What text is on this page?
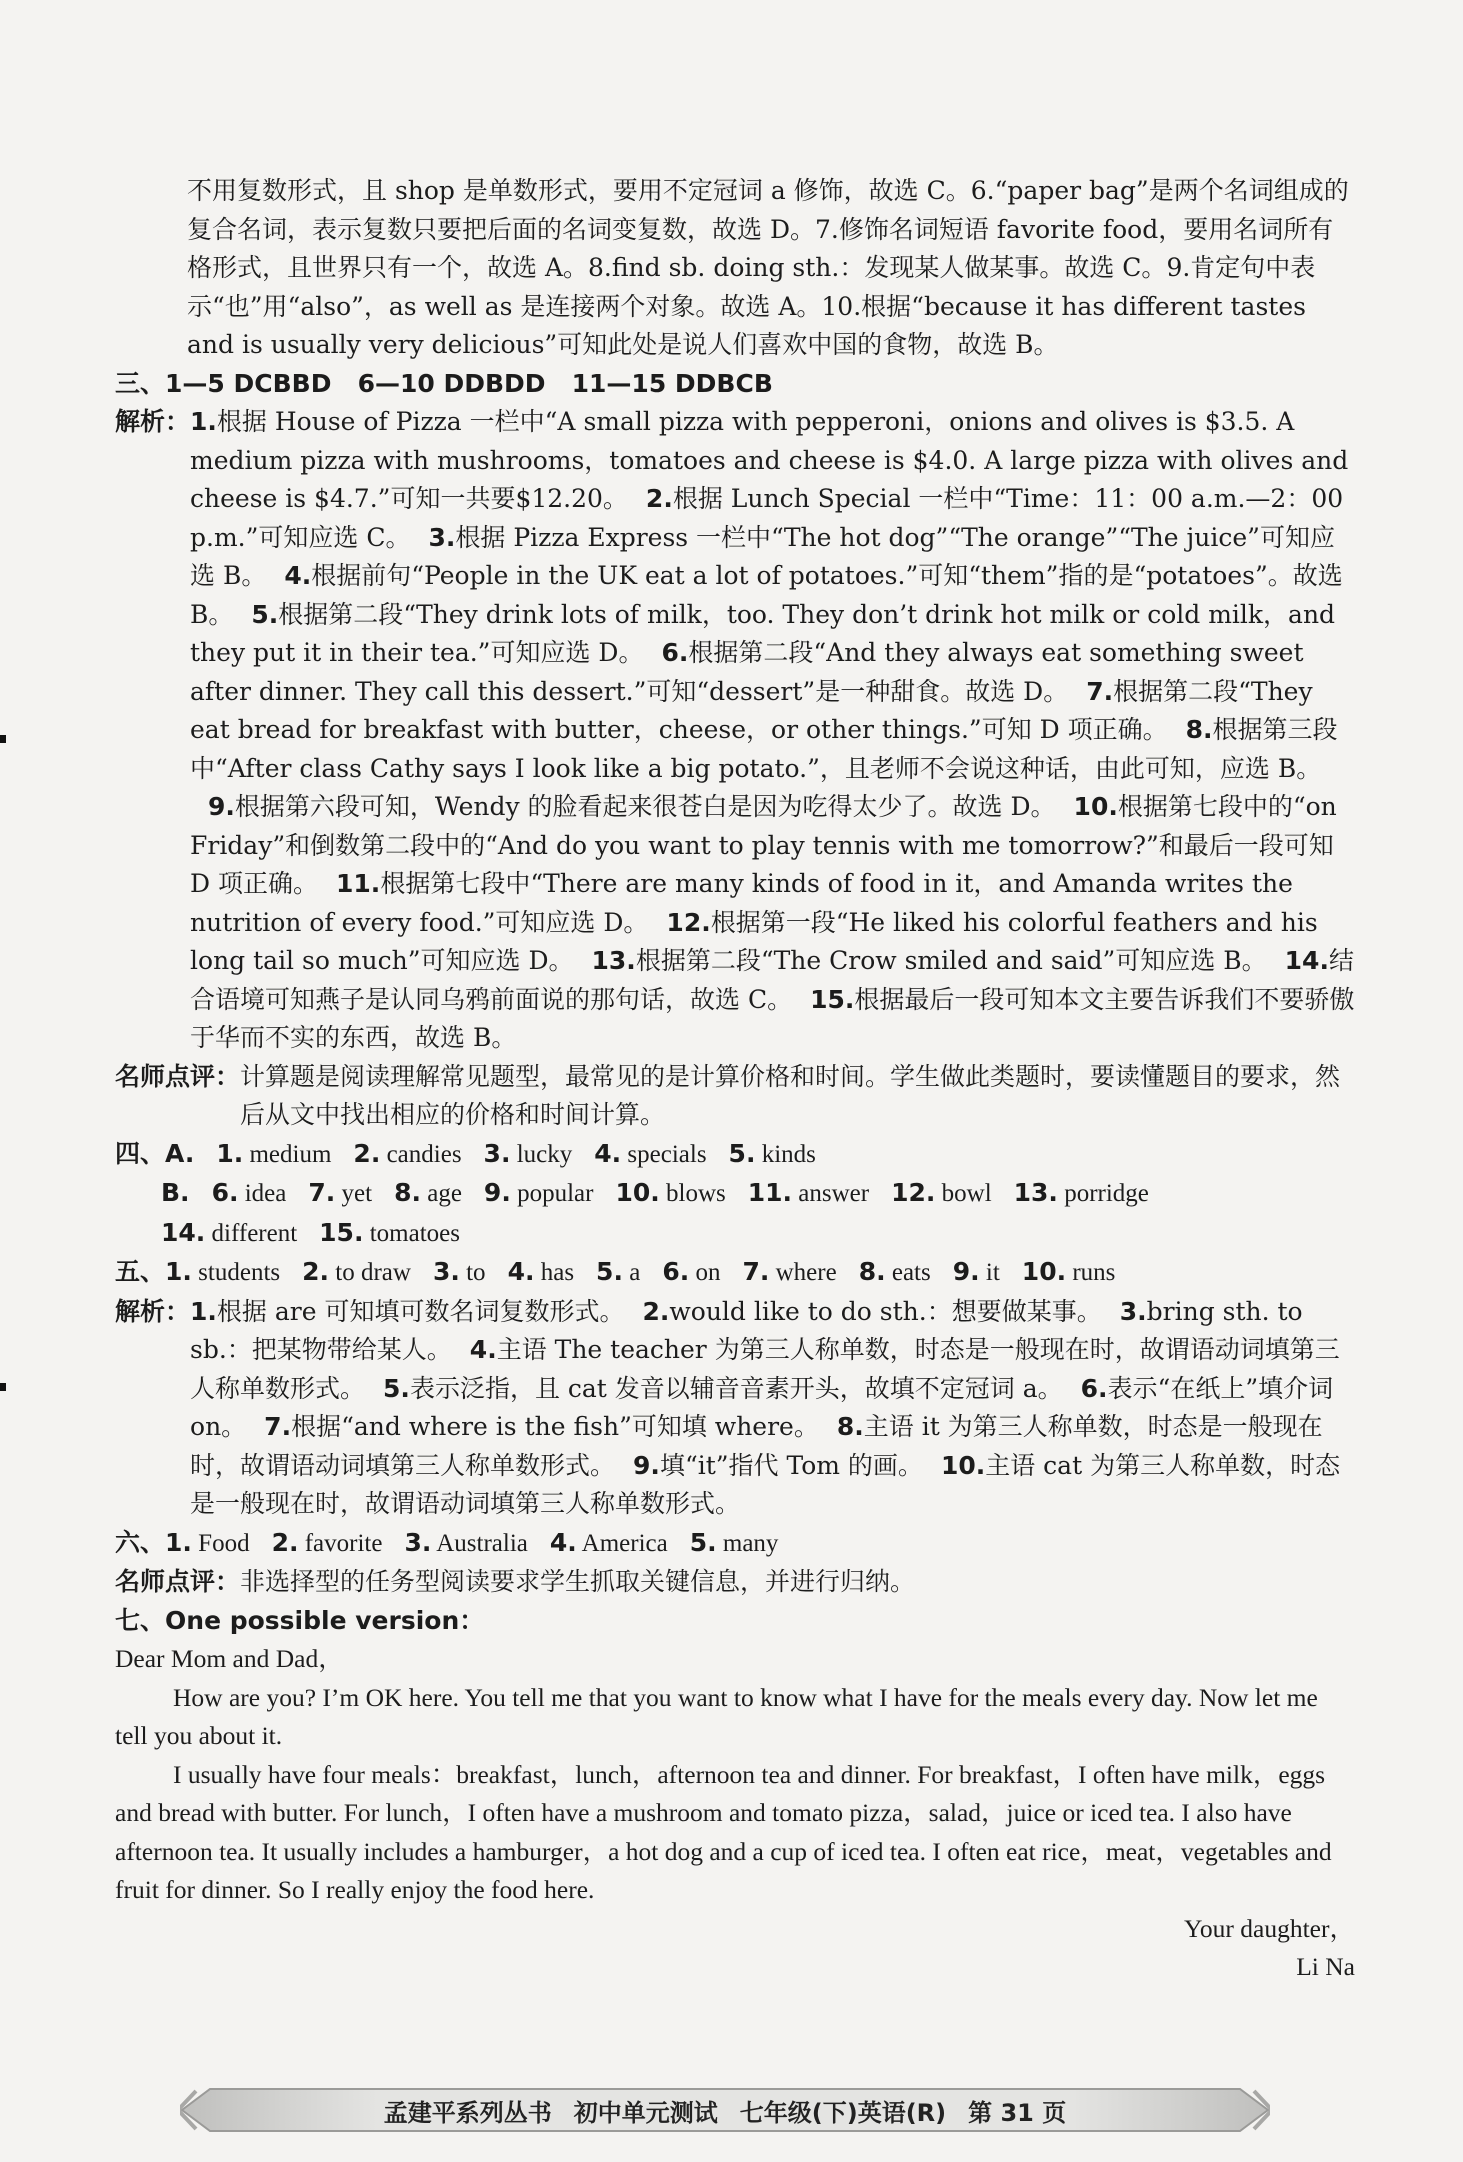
不用复数形式，且 shop 是单数形式，要用不定冠词 a 修饰，故选 C。6.“paper bag”是两个名词组成的复合名词，表示复数只要把后面的名词变复数，故选 D。7.修饰名词短语 favorite food，要用名词所有格形式，且世界只有一个，故选 A。8.find sb. doing sth.：发现某人做某事。故选 C。9.肯定句中表示“也”用“also”，as well as 是连接两个对象。故选 A。10.根据“because it has different tastes and is usually very delicious”可知此处是说人们喜欢中国的食物，故选 B。

三、 1—5 DCBBD   6—10 DDBDD   11—15 DDBCB
解析： 1.根据 House of Pizza 一栏中“A small pizza with pepperoni，onions and olives is $3.5. A medium pizza with mushrooms，tomatoes and cheese is $4.0. A large pizza with olives and cheese is $4.7.”可知一共要$12.20。 2.根据 Lunch Special 一栏中“Time：11：00 a.m.—2：00 p.m.”可知应选 C。 3.根据 Pizza Express 一栏中“The hot dog”“The orange”“The juice”可知应选 B。 4.根据前句“People in the UK eat a lot of potatoes.”可知“them”指的是“potatoes”。故选 B。 5.根据第二段“They drink lots of milk，too. They don’t drink hot milk or cold milk，and they put it in their tea.”可知应选 D。 6.根据第二段“And they always eat something sweet after dinner. They call this dessert.”可知“dessert”是一种甜食。故选 D。 7.根据第二段“They eat bread for breakfast with butter，cheese，or other things.”可知 D 项正确。 8.根据第三段中“After class Cathy says I look like a big potato.”，且老师不会说这种话，由此可知，应选 B。9.根据第六段可知，Wendy 的脸看起来很苍白是因为吃得太少了。故选 D。 10.根据第七段中的“on Friday”和倒数第二段中的“And do you want to play tennis with me tomorrow?”和最后一段可知 D 项正确。 11.根据第七段中“There are many kinds of food in it，and Amanda writes the nutrition of every food.”可知应选 D。 12.根据第一段“He liked his colorful feathers and his long tail so much”可知应选 D。 13.根据第二段“The Crow smiled and said”可知应选 B。 14.结合语境可知燕子是认同乌鸦前面说的那句话，故选 C。 15.根据最后一段可知本文主要告诉我们不要骄傲于华而不实的东西，故选 B。
名师点评： 计算题是阅读理解常见题型，最常见的是计算价格和时间。学生做此类题时，要读懂题目的要求，然后从文中找出相应的价格和时间计算。
四、 A. 1. medium 2. candies 3. lucky 4. specials 5. kinds
B. 6. idea 7. yet 8. age 9. popular 10. blows 11. answer 12. bowl 13. porridge
14. different 15. tomatoes
五、 1. students 2. to draw 3. to 4. has 5. a 6. on 7. where 8. eats 9. it 10. runs
解析： 1.根据 are 可知填可数名词复数形式。 2.would like to do sth.：想要做某事。 3.bring sth. to sb.：把某物带给某人。 4.主语 The teacher 为第三人称单数，时态是一般现在时，故谓语动词填第三人称单数形式。 5.表示泛指，且 cat 发音以辅音音素开头，故填不定冠词 a。 6.表示“在纸上”填介词 on。 7.根据“and where is the fish”可知填 where。 8.主语 it 为第三人称单数，时态是一般现在时，故谓语动词填第三人称单数形式。 9.填“it”指代 Tom 的画。 10.主语 cat 为第三人称单数，时态是一般现在时，故谓语动词填第三人称单数形式。
六、 1. Food 2. favorite 3. Australia 4. America 5. many
名师点评： 非选择型的任务型阅读要求学生抓取关键信息，并进行归纳。
七、 One possible version：
Dear Mom and Dad，
How are you? I’m OK here. You tell me that you want to know what I have for the meals every day. Now let me tell you about it.
I usually have four meals：breakfast，lunch，afternoon tea and dinner. For breakfast，I often have milk，eggs and bread with butter. For lunch，I often have a mushroom and tomato pizza，salad，juice or iced tea. I also have afternoon tea. It usually includes a hamburger，a hot dog and a cup of iced tea. I often eat rice，meat，vegetables and fruit for dinner. So I really enjoy the food here.
Your daughter，
Li Na
孟建平系列丛书 初中单元测试 七年级(下)英语(R) 第 31 页
